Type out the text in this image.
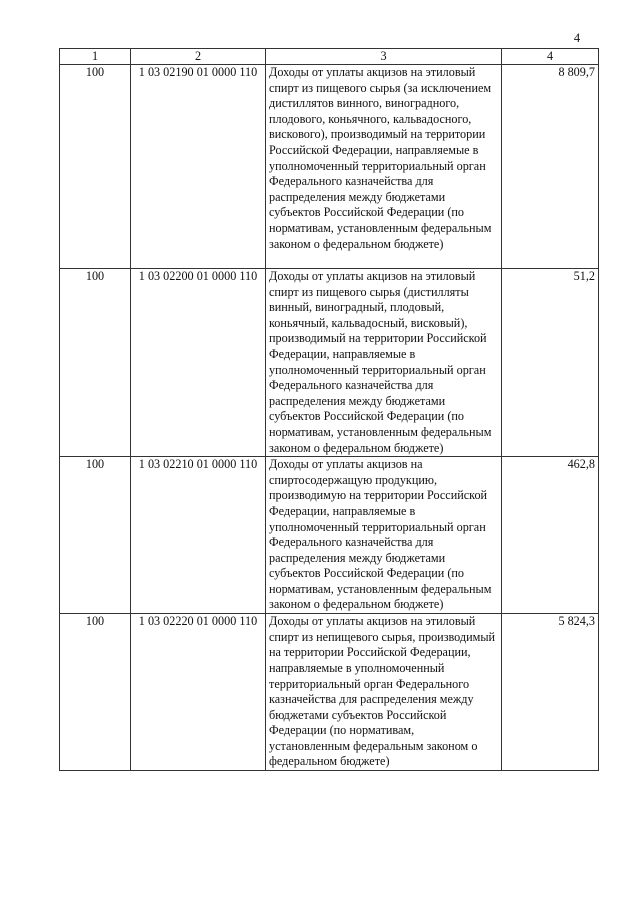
4
1	2	3	4
100	1 03 02190 01 0000 110	Доходы от уплаты акцизов на этиловый спирт из пищевого сырья (за исключением дистиллятов винного, виноградного, плодового, коньячного, кальвадосного, вискового), производимый на территории Российской Федерации, направляемые в уполномоченный территориальный орган Федерального казначейства для распределения между бюджетами субъектов Российской Федерации (по нормативам, установленным федеральным законом о федеральном бюджете)	8 809,7
100	1 03 02200 01 0000 110	Доходы от уплаты акцизов на этиловый спирт из пищевого сырья (дистилляты винный, виноградный, плодовый, коньячный, кальвадосный, висковый), производимый на территории Российской Федерации, направляемые в уполномоченный территориальный орган Федерального казначейства для распределения между бюджетами субъектов Российской Федерации (по нормативам, установленным федеральным законом о федеральном бюджете)	51,2
100	1 03 02210 01 0000 110	Доходы от уплаты акцизов на спиртосодержащую продукцию, производимую на территории Российской Федерации, направляемые в уполномоченный территориальный орган Федерального казначейства для распределения между бюджетами субъектов Российской Федерации (по нормативам, установленным федеральным законом о федеральном бюджете)	462,8
100	1 03 02220 01 0000 110	Доходы от уплаты акцизов на этиловый спирт из непищевого сырья, производимый на территории Российской Федерации, направляемые в уполномоченный территориальный орган Федерального казначейства для распределения между бюджетами субъектов Российской Федерации (по нормативам, установленным федеральным законом о федеральном бюджете)	5 824,3
